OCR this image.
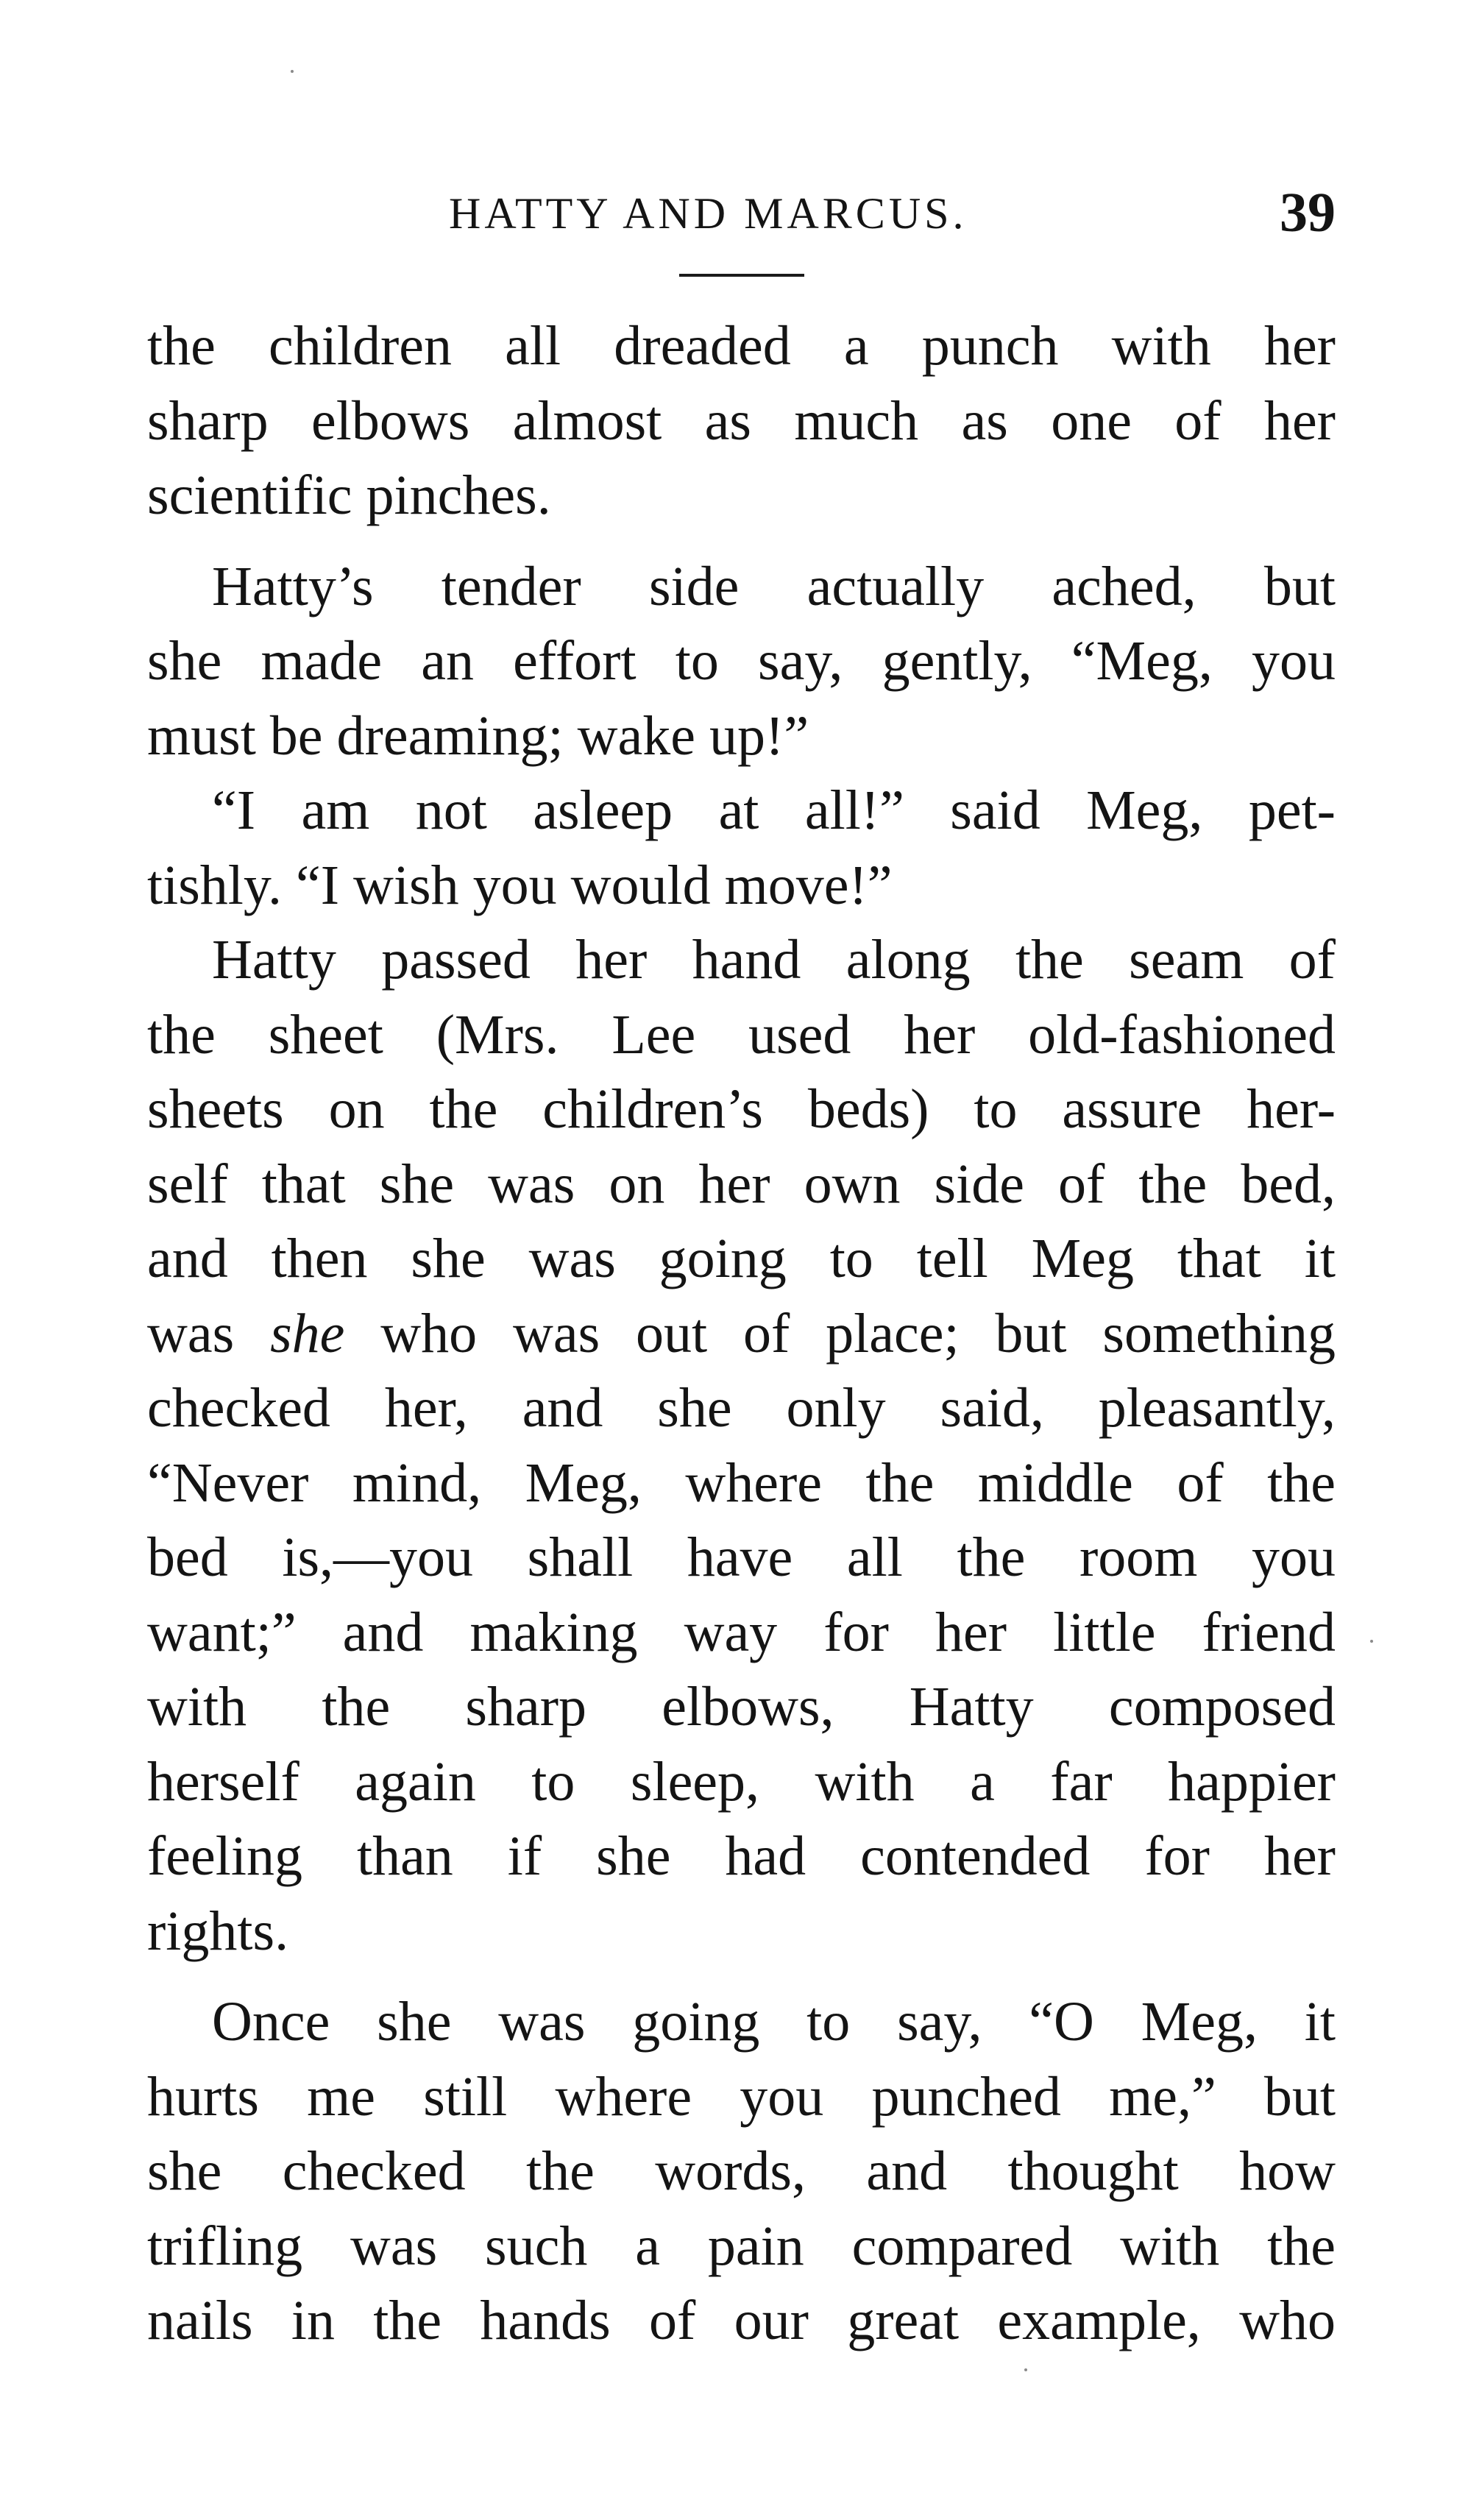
HATTY AND MARCUS.	39
the children all dreaded a punch with her
sharp elbows almost as much as one of her
scientific pinches.
Hatty’s tender side actually ached, but
she made an effort to say, gently, “Meg, you
must be dreaming; wake up!”
“I am not asleep at all!” said Meg, pet-
tishly. “I wish you would move!”
Hatty passed her hand along the seam of
the sheet (Mrs. Lee used her old-fashioned
sheets on the children’s beds) to assure her-
self that she was on her own side of the bed,
and then she was going to tell Meg that it
was she who was out of place; but something
checked her, and she only said, pleasantly,
“Never mind, Meg, where the middle of the
bed is,—you shall have all the room you
want;” and making way for her little friend
with the sharp elbows, Hatty composed
herself again to sleep, with a far happier
feeling than if she had contended for her
rights.
Once she was going to say, “O Meg, it
hurts me still where you punched me,” but
she checked the words, and thought how
trifling was such a pain compared with the
nails in the hands of our great example, who
